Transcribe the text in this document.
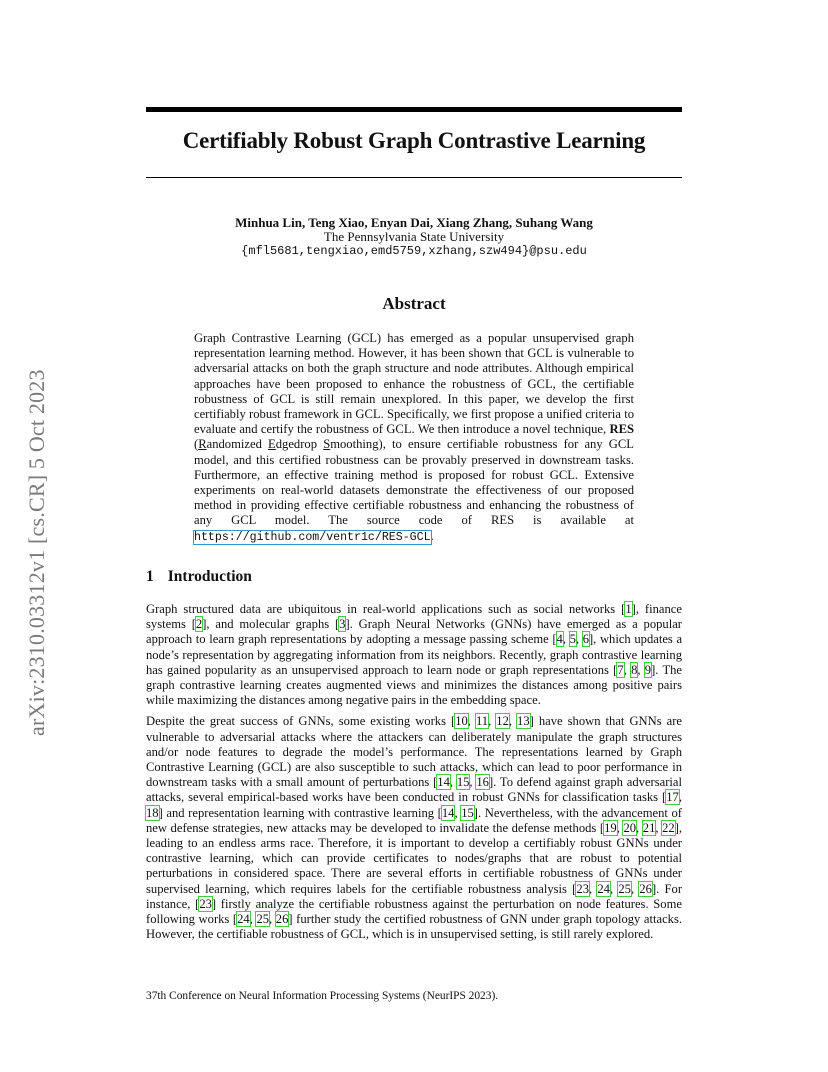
arXiv:2310.03312v1 [cs.CR] 5 Oct 2023
Certifiably Robust Graph Contrastive Learning
Minhua Lin, Teng Xiao, Enyan Dai, Xiang Zhang, Suhang Wang
The Pennsylvania State University
{mfl5681,tengxiao,emd5759,xzhang,szw494}@psu.edu
Abstract
Graph Contrastive Learning (GCL) has emerged as a popular unsupervised graph representation learning method. However, it has been shown that GCL is vulnerable to adversarial attacks on both the graph structure and node attributes. Although empirical approaches have been proposed to enhance the robustness of GCL, the certifiable robustness of GCL is still remain unexplored. In this paper, we develop the first certifiably robust framework in GCL. Specifically, we first propose a unified criteria to evaluate and certify the robustness of GCL. We then introduce a novel technique, RES (Randomized Edgedrop Smoothing), to ensure certifiable robustness for any GCL model, and this certified robustness can be provably preserved in downstream tasks. Furthermore, an effective training method is proposed for robust GCL. Extensive experiments on real-world datasets demonstrate the effectiveness of our proposed method in providing effective certifiable robustness and enhancing the robustness of any GCL model. The source code of RES is available at https://github.com/ventr1c/RES-GCL.
1 Introduction

Graph structured data are ubiquitous in real-world applications such as social networks [1], finance systems [2], and molecular graphs [3]. Graph Neural Networks (GNNs) have emerged as a popular approach to learn graph representations by adopting a message passing scheme [4, 5, 6], which updates a node’s representation by aggregating information from its neighbors. Recently, graph contrastive learning has gained popularity as an unsupervised approach to learn node or graph representations [7, 8, 9]. The graph contrastive learning creates augmented views and minimizes the distances among positive pairs while maximizing the distances among negative pairs in the embedding space.

Despite the great success of GNNs, some existing works [10, 11, 12, 13] have shown that GNNs are vulnerable to adversarial attacks where the attackers can deliberately manipulate the graph structures and/or node features to degrade the model’s performance. The representations learned by Graph Contrastive Learning (GCL) are also susceptible to such attacks, which can lead to poor performance in downstream tasks with a small amount of perturbations [14, 15, 16]. To defend against graph adversarial attacks, several empirical-based works have been conducted in robust GNNs for classification tasks [17, 18] and representation learning with contrastive learning [14, 15]. Nevertheless, with the advancement of new defense strategies, new attacks may be developed to invalidate the defense methods [19, 20, 21, 22], leading to an endless arms race. Therefore, it is important to develop a certifiably robust GNNs under contrastive learning, which can provide certificates to nodes/graphs that are robust to potential perturbations in considered space. There are several efforts in certifiable robustness of GNNs under supervised learning, which requires labels for the certifiable robustness analysis [23, 24, 25, 26]. For instance, [23] firstly analyze the certifiable robustness against the perturbation on node features. Some following works [24, 25, 26] further study the certified robustness of GNN under graph topology attacks. However, the certifiable robustness of GCL, which is in unsupervised setting, is still rarely explored.

37th Conference on Neural Information Processing Systems (NeurIPS 2023).
